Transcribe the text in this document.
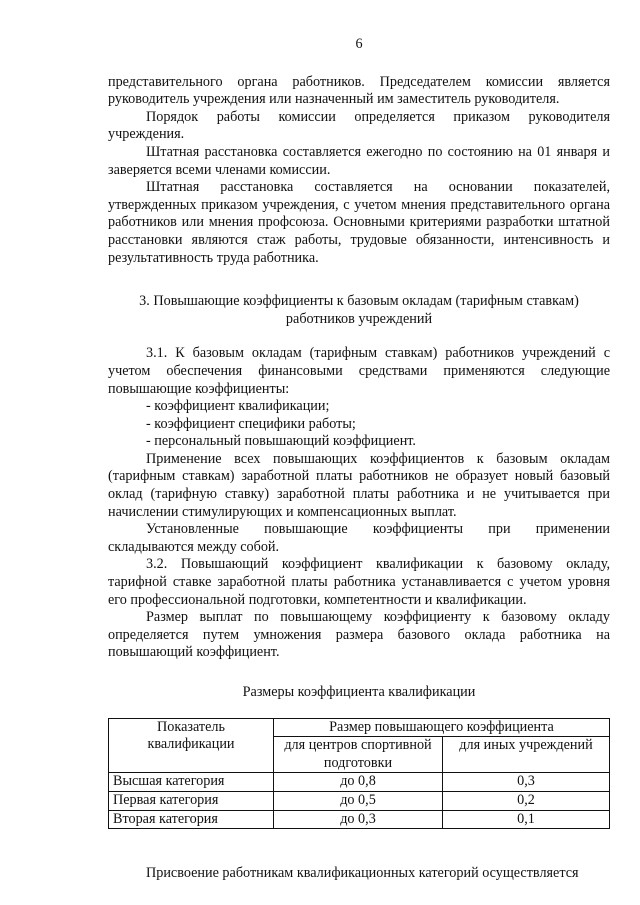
6

представительного органа работников. Председателем комиссии является руководитель учреждения или назначенный им заместитель руководителя.

Порядок работы комиссии определяется приказом руководителя учреждения.

Штатная расстановка составляется ежегодно по состоянию на 01 января и заверяется всеми членами комиссии.

Штатная расстановка составляется на основании показателей, утвержденных приказом учреждения, с учетом мнения представительного органа работников или мнения профсоюза. Основными критериями разработки штатной расстановки являются стаж работы, трудовые обязанности, интенсивность и результативность труда работника.

3. Повышающие коэффициенты к базовым окладам (тарифным ставкам)
работников учреждений

3.1. К базовым окладам (тарифным ставкам) работников учреждений с учетом обеспечения финансовыми средствами применяются следующие повышающие коэффициенты:

- коэффициент квалификации;
- коэффициент специфики работы;
- персональный повышающий коэффициент.

Применение всех повышающих коэффициентов к базовым окладам (тарифным ставкам) заработной платы работников не образует новый базовый оклад (тарифную ставку) заработной платы работника и не учитывается при начислении стимулирующих и компенсационных выплат.

Установленные повышающие коэффициенты при применении складываются между собой.

3.2. Повышающий коэффициент квалификации к базовому окладу, тарифной ставке заработной платы работника устанавливается с учетом уровня его профессиональной подготовки, компетентности и квалификации.

Размер выплат по повышающему коэффициенту к базовому окладу определяется путем умножения размера базового оклада работника на повышающий коэффициент.

Размеры коэффициента квалификации
Показатель квалификации	Размер повышающего коэффициента	
	для центров спортивной подготовки	для иных учреждений
Высшая категория	до 0,8	0,3
Первая категория	до 0,5	0,2
Вторая категория	до 0,3	0,1

Присвоение работникам квалификационных категорий осуществляется
